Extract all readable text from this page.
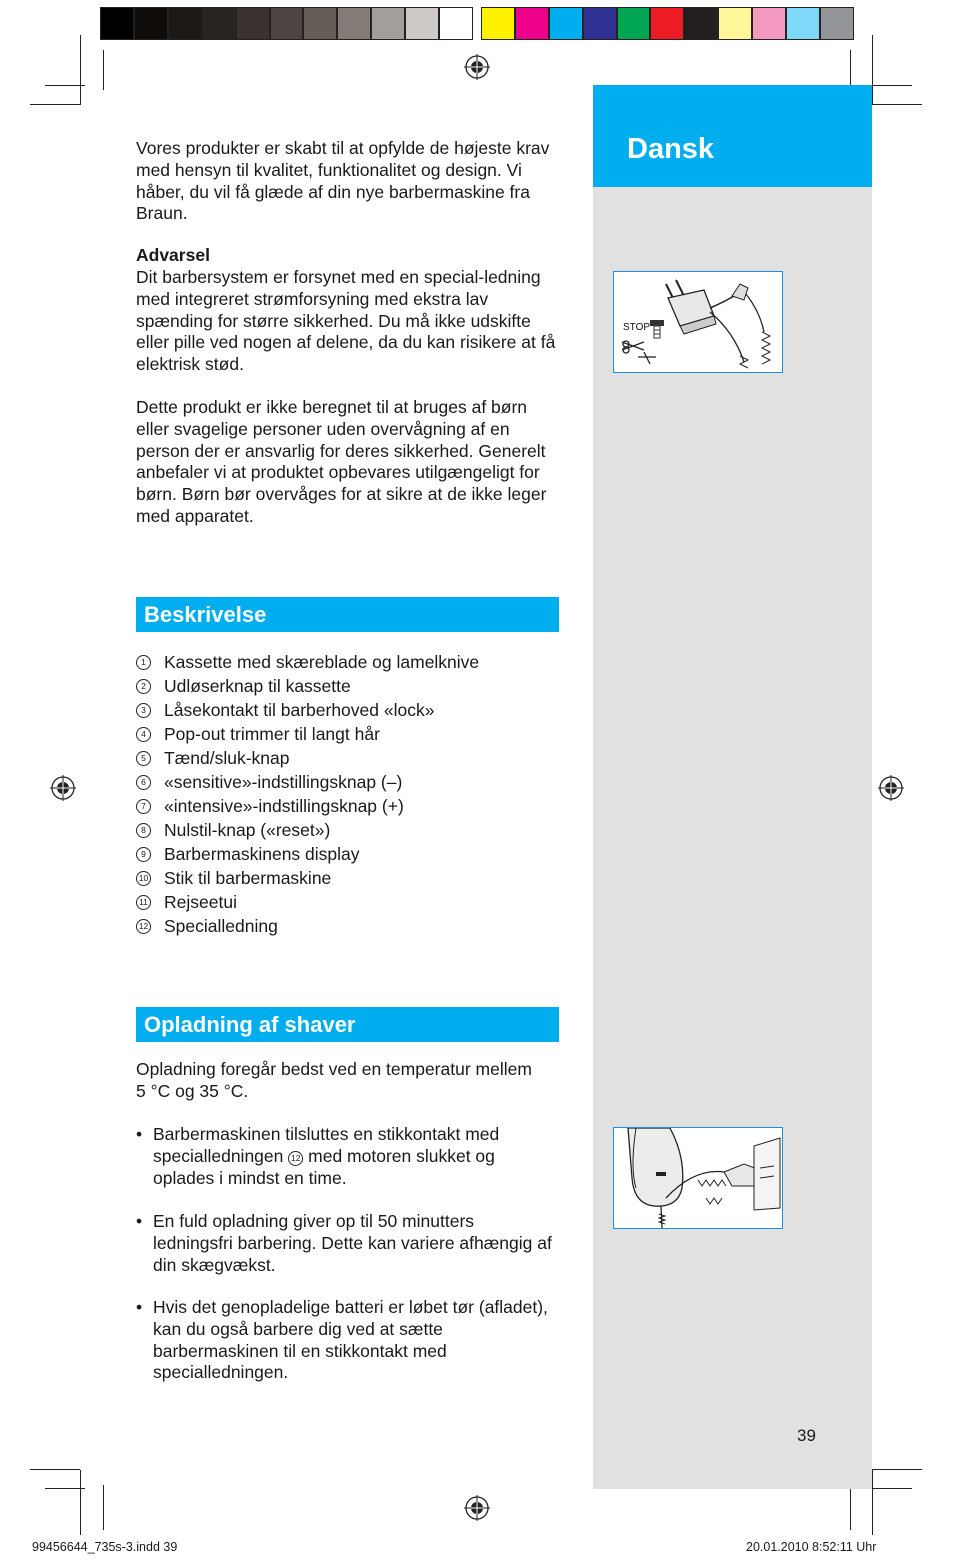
Dansk
STOP
Vores produkter er skabt til at opfylde de højeste krav med hensyn til kvalitet, funktionalitet og design. Vi håber, du vil få glæde af din nye barbermaskine fra Braun.
Advarsel
Dit barbersystem er forsynet med en special-ledning med integreret strømforsyning med ekstra lav spænding for større sikkerhed. Du må ikke udskifte eller pille ved nogen af delene, da du kan risikere at få elektrisk stød.
Dette produkt er ikke beregnet til at bruges af børn eller svagelige personer uden overvågning af en person der er ansvarlig for deres sikkerhed. Generelt anbefaler vi at produktet opbevares utilgængeligt for børn. Børn bør overvåges for at sikre at de ikke leger med apparatet.
Beskrivelse
1 Kassette med skæreblade og lamelknive
2 Udløserknap til kassette
3 Låsekontakt til barberhoved «lock»
4 Pop-out trimmer til langt hår
5 Tænd/sluk-knap
6 «sensitive»-indstillingsknap (–)
7 «intensive»-indstillingsknap (+)
8 Nulstil-knap («reset»)
9 Barbermaskinens display
10 Stik til barbermaskine
11 Rejseetui
12 Specialledning
Opladning af shaver
Opladning foregår bedst ved en temperatur mellem 5 °C og 35 °C.
• Barbermaskinen tilsluttes en stikkontakt med specialledningen 12 med motoren slukket og oplades i mindst en time.
• En fuld opladning giver op til 50 minutters ledningsfri barbering. Dette kan variere afhængig af din skægvækst.
• Hvis det genopladelige batteri er løbet tør (afladet), kan du også barbere dig ved at sætte barbermaskinen til en stikkontakt med specialledningen.
39
99456644_735s-3.indd 39	20.01.2010 8:52:11 Uhr
